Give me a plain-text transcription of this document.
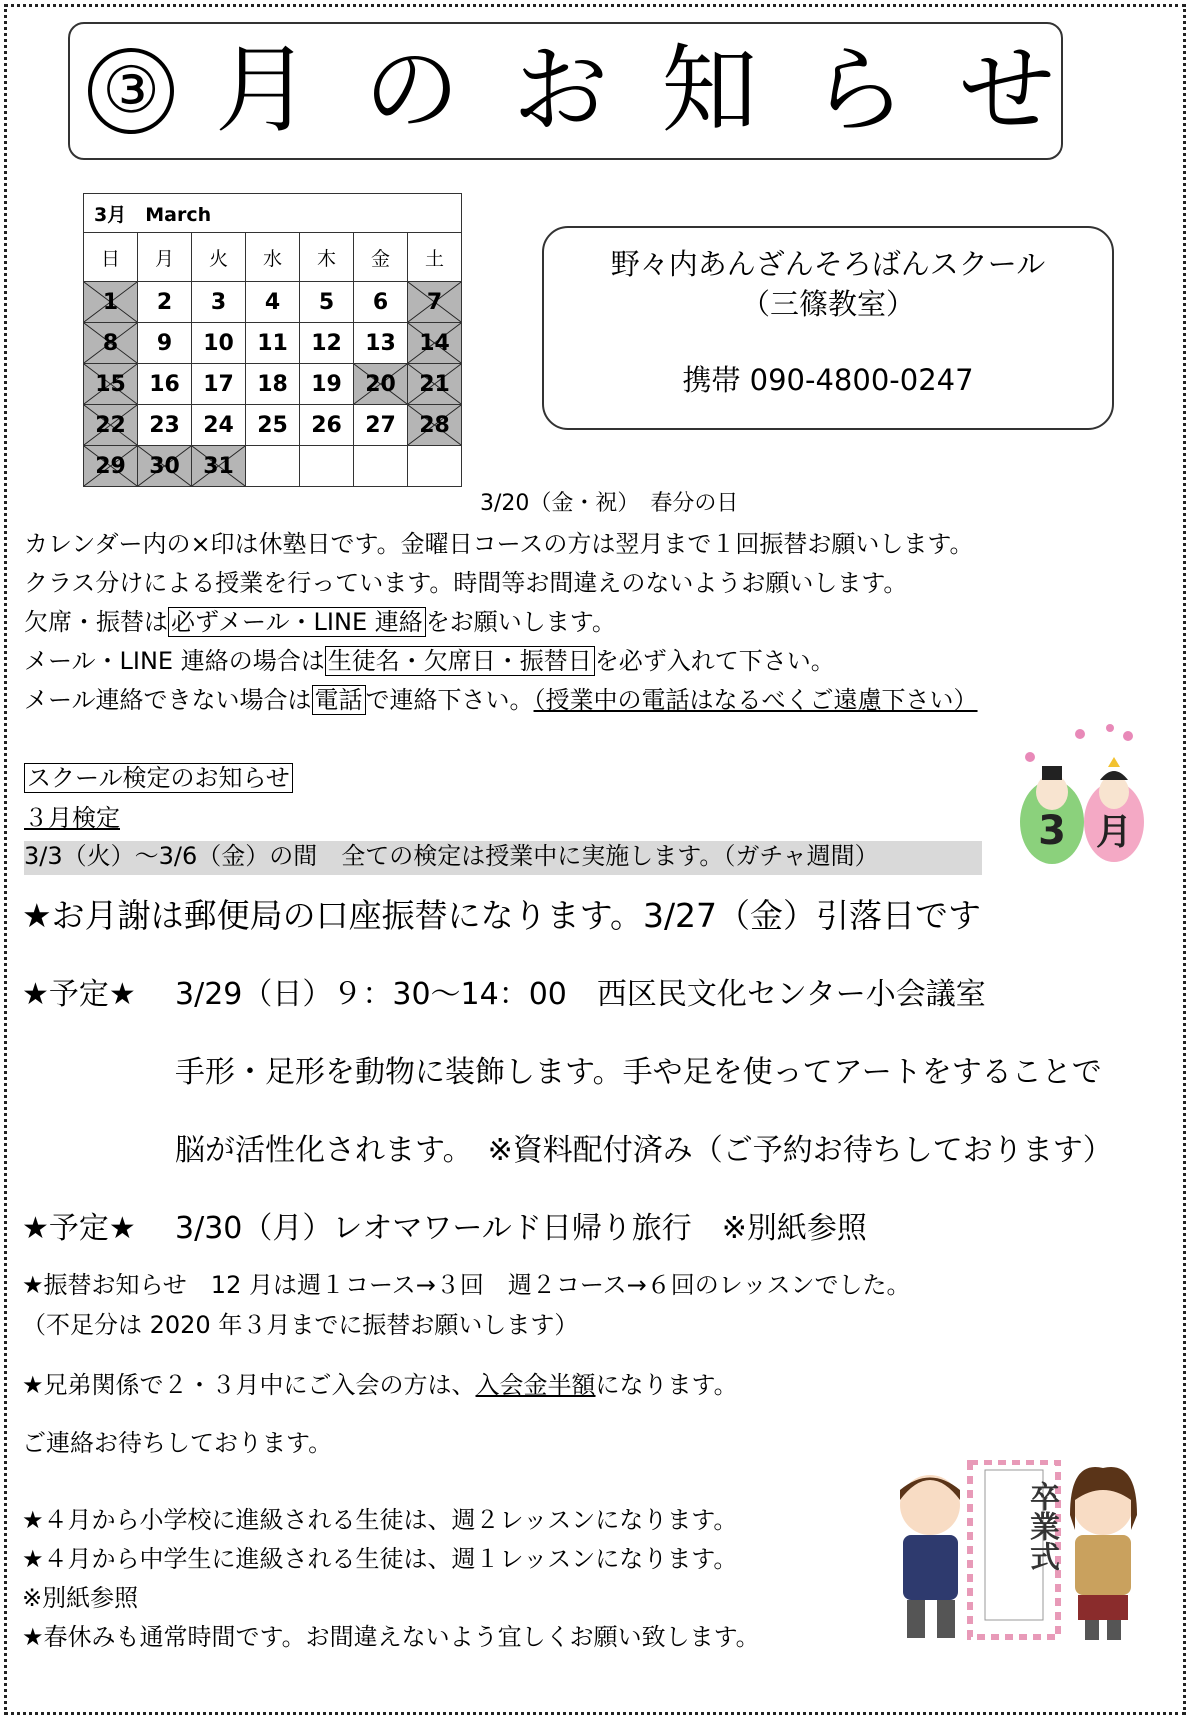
③ 月 の お 知 ら せ
3月　March						
日	月	火	水	木	金	土

1	2	3	4	5	6	7

8	9	10	11	12	13	14

15	16	17	18	19	20	21

22	23	24	25	26	27	28

29	30	31				
野々内あんざんそろばんスクール
（三篠教室）
携帯 090-4800-0247
3/20（金・祝）　春分の日
カレンダー内の×印は休塾日です。金曜日コースの方は翌月まで１回振替お願いします。
クラス分けによる授業を行っています。時間等お間違えのないようお願いします。
欠席・振替は 必ずメール・LINE 連絡 をお願いします。
メール・LINE 連絡の場合は 生徒名・欠席日・振替日 を必ず入れて下さい。
メール連絡できない場合は 電話 で連絡下さい。（授業中の電話はなるべくご遠慮下さい）
スクール検定のお知らせ
３月検定
3/3（火）～3/6（金）の間　全ての検定は授業中に実施します。（ガチャ週間）
3 月
★お月謝は郵便局の口座振替になります。3/27（金）引落日です
★予定★ 3/29（日）９：30～14：00　西区民文化センター小会議室
手形・足形を動物に装飾します。手や足を使ってアートをすることで
脳が活性化されます。　※資料配付済み（ご予約お待ちしております）
★予定★ 3/30（月）レオマワールド日帰り旅行　※別紙参照
★振替お知らせ　12 月は週１コース→３回　週２コース→６回のレッスンでした。
（不足分は 2020 年３月までに振替お願いします）
★兄弟関係で２・３月中にご入会の方は、入会金半額になります。
ご連絡お待ちしております。
★４月から小学校に進級される生徒は、週２レッスンになります。
★４月から中学生に進級される生徒は、週１レッスンになります。
※別紙参照
★春休みも通常時間です。お間違えないよう宜しくお願い致します。
卒業式
